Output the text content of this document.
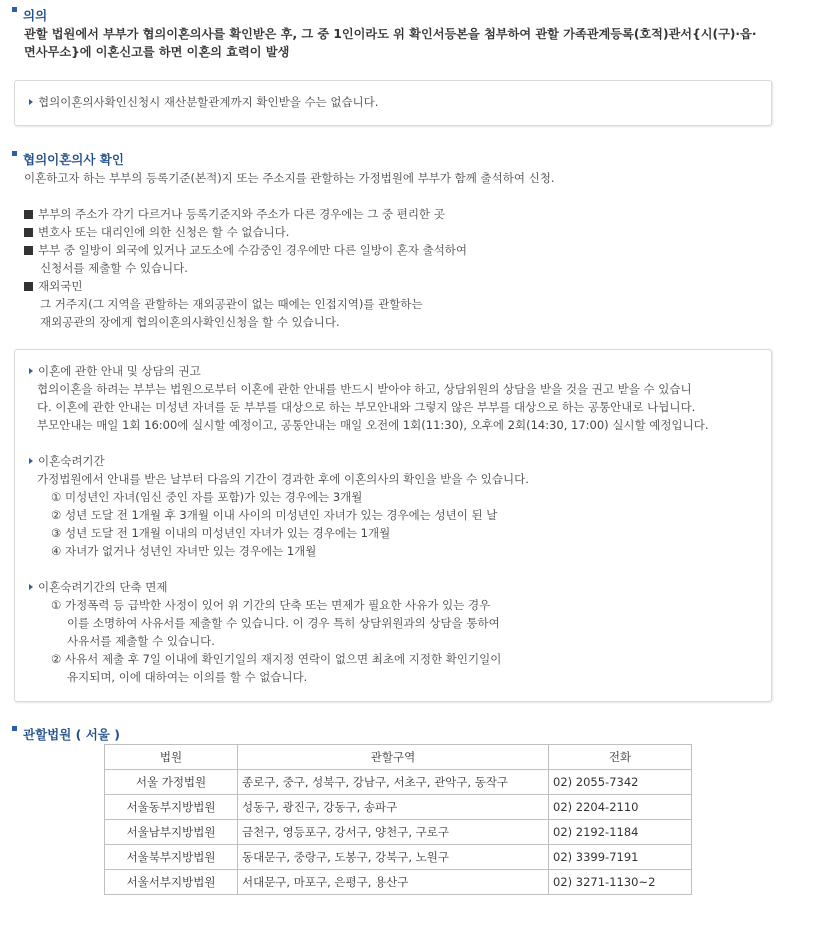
의의
관할 법원에서 부부가 협의이혼의사를 확인받은 후, 그 중 1인이라도 위 확인서등본을 첨부하여 관할 가족관계등록(호적)관서{시(구)·읍·
면사무소}에 이혼신고를 하면 이혼의 효력이 발생
협의이혼의사확인신청시 재산분할관계까지 확인받을 수는 없습니다.
협의이혼의사 확인
이혼하고자 하는 부부의 등록기준(본적)지 또는 주소지를 관할하는 가정법원에 부부가 함께 출석하여 신청.
부부의 주소가 각기 다르거나 등록기준지와 주소가 다른 경우에는 그 중 편리한 곳
변호사 또는 대리인에 의한 신청은 할 수 없습니다.
부부 중 일방이 외국에 있거나 교도소에 수감중인 경우에만 다른 일방이 혼자 출석하여
신청서를 제출할 수 있습니다.
재외국민
그 거주지(그 지역을 관할하는 재외공관이 없는 때에는 인접지역)를 관할하는
재외공관의 장에게 협의이혼의사확인신청을 할 수 있습니다.
이혼에 관한 안내 및 상담의 권고
협의이혼을 하려는 부부는 법원으로부터 이혼에 관한 안내를 반드시 받아야 하고, 상담위원의 상담을 받을 것을 권고 받을 수 있습니
다. 이혼에 관한 안내는 미성년 자녀를 둔 부부를 대상으로 하는 부모안내와 그렇지 않은 부부를 대상으로 하는 공통안내로 나뉩니다.
부모안내는 매일 1회 16:00에 실시할 예정이고, 공통안내는 매일 오전에 1회(11:30), 오후에 2회(14:30, 17:00) 실시할 예정입니다.
이혼숙려기간
가정법원에서 안내를 받은 날부터 다음의 기간이 경과한 후에 이혼의사의 확인을 받을 수 있습니다.
① 미성년인 자녀(임신 중인 자를 포함)가 있는 경우에는 3개월
② 성년 도달 전 1개월 후 3개월 이내 사이의 미성년인 자녀가 있는 경우에는 성년이 된 날
③ 성년 도달 전 1개월 이내의 미성년인 자녀가 있는 경우에는 1개월
④ 자녀가 없거나 성년인 자녀만 있는 경우에는 1개월
이혼숙려기간의 단축 면제
① 가정폭력 등 급박한 사정이 있어 위 기간의 단축 또는 면제가 필요한 사유가 있는 경우
이를 소명하여 사유서를 제출할 수 있습니다. 이 경우 특히 상담위원과의 상담을 통하여
사유서를 제출할 수 있습니다.
② 사유서 제출 후 7일 이내에 확인기일의 재지정 연락이 없으면 최초에 지정한 확인기일이
유지되며, 이에 대하여는 이의를 할 수 없습니다.
관할법원 ( 서울 )
법원	관할구역	전화
서울 가정법원	종로구, 중구, 성북구, 강남구, 서초구, 관악구, 동작구	02) 2055-7342
서울동부지방법원	성동구, 광진구, 강동구, 송파구	02) 2204-2110
서울남부지방법원	금천구, 영등포구, 강서구, 양천구, 구로구	02) 2192-1184
서울북부지방법원	동대문구, 중랑구, 도봉구, 강북구, 노원구	02) 3399-7191
서울서부지방법원	서대문구, 마포구, 은평구, 용산구	02) 3271-1130~2
